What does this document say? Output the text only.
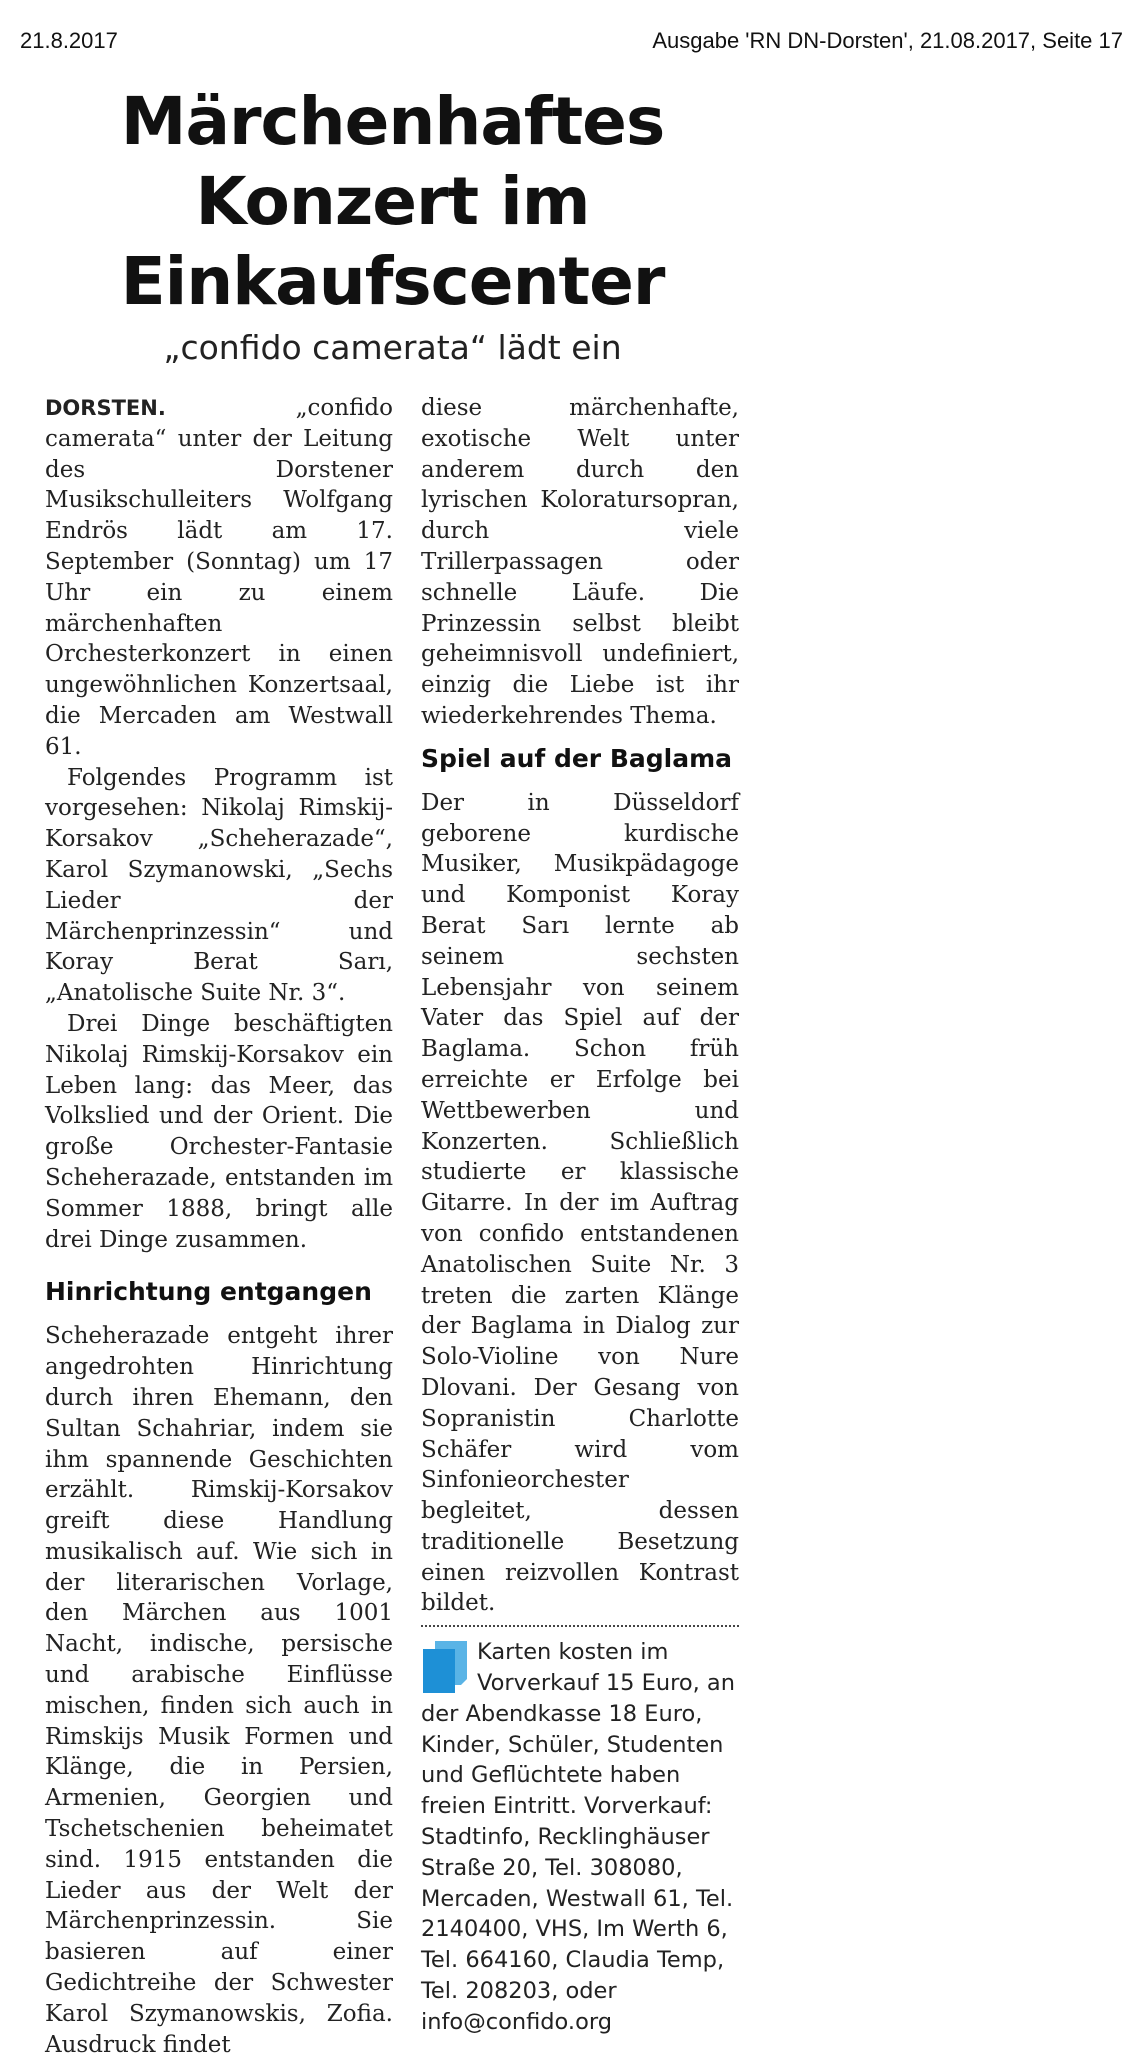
21.8.2017	Ausgabe 'RN DN-Dorsten', 21.08.2017, Seite 17
Märchenhaftes Konzert im Einkaufscenter
„confido camerata“ lädt ein

DORSTEN.	„confido camerata“ unter der Leitung des Dorstener Musikschulleiters Wolfgang Endrös lädt am 17. September (Sonntag) um 17 Uhr ein zu einem märchenhaften Orchesterkonzert in einen ungewöhnlichen Konzertsaal, die Mercaden am Westwall 61.

Folgendes Programm ist vorgesehen: Nikolaj Rimskij-Korsakov „Scheherazade“, Karol Szymanowski, „Sechs Lieder der Märchenprinzessin“ und Koray Berat Sarı, „Anatolische Suite Nr. 3“.

Drei Dinge beschäftigten Nikolaj Rimskij-Korsakov ein Leben lang: das Meer, das Volkslied und der Orient. Die große Orchester-Fantasie Scheherazade, entstanden im Sommer 1888, bringt alle drei Dinge zusammen.

Hinrichtung entgangen

Scheherazade entgeht ihrer angedrohten Hinrichtung durch ihren Ehemann, den Sultan Schahriar, indem sie ihm spannende Geschichten erzählt. Rimskij-Korsakov greift diese Handlung musikalisch auf. Wie sich in der literarischen Vorlage, den Märchen aus 1001 Nacht, indische, persische und arabische Einflüsse mischen, finden sich auch in Rimskijs Musik Formen und Klänge, die in Persien, Armenien, Georgien und Tschetschenien beheimatet sind. 1915 entstanden die Lieder aus der Welt der Märchenprinzessin. Sie basieren auf einer Gedichtreihe der Schwester Karol Szymanowskis, Zofia. Ausdruck findet

diese märchenhafte, exotische Welt unter anderem durch den lyrischen Koloratursopran, durch viele Trillerpassagen oder schnelle Läufe. Die Prinzessin selbst bleibt geheimnisvoll undefiniert, einzig die Liebe ist ihr wiederkehrendes Thema.

Spiel auf der Baglama

Der in Düsseldorf geborene kurdische Musiker, Musikpädagoge und Komponist Koray Berat Sarı lernte ab seinem sechsten Lebensjahr von seinem Vater das Spiel auf der Baglama. Schon früh erreichte er Erfolge bei Wettbewerben und Konzerten. Schließlich studierte er klassische Gitarre. In der im Auftrag von confido entstandenen Anatolischen Suite Nr. 3 treten die zarten Klänge der Baglama in Dialog zur Solo-Violine von Nure Dlovani. Der Gesang von Sopranistin Charlotte Schäfer wird vom Sinfonieorchester begleitet, dessen traditionelle Besetzung einen reizvollen Kontrast bildet.

Karten kosten im Vorverkauf 15 Euro, an der Abendkasse 18 Euro, Kinder, Schüler, Studenten und Geflüchtete haben freien Eintritt. Vorverkauf: Stadtinfo, Recklinghäuser Straße 20, Tel. 308080, Mercaden, Westwall 61, Tel. 2140400, VHS, Im Werth 6, Tel. 664160, Claudia Temp, Tel. 208203, oder info@confido.org
